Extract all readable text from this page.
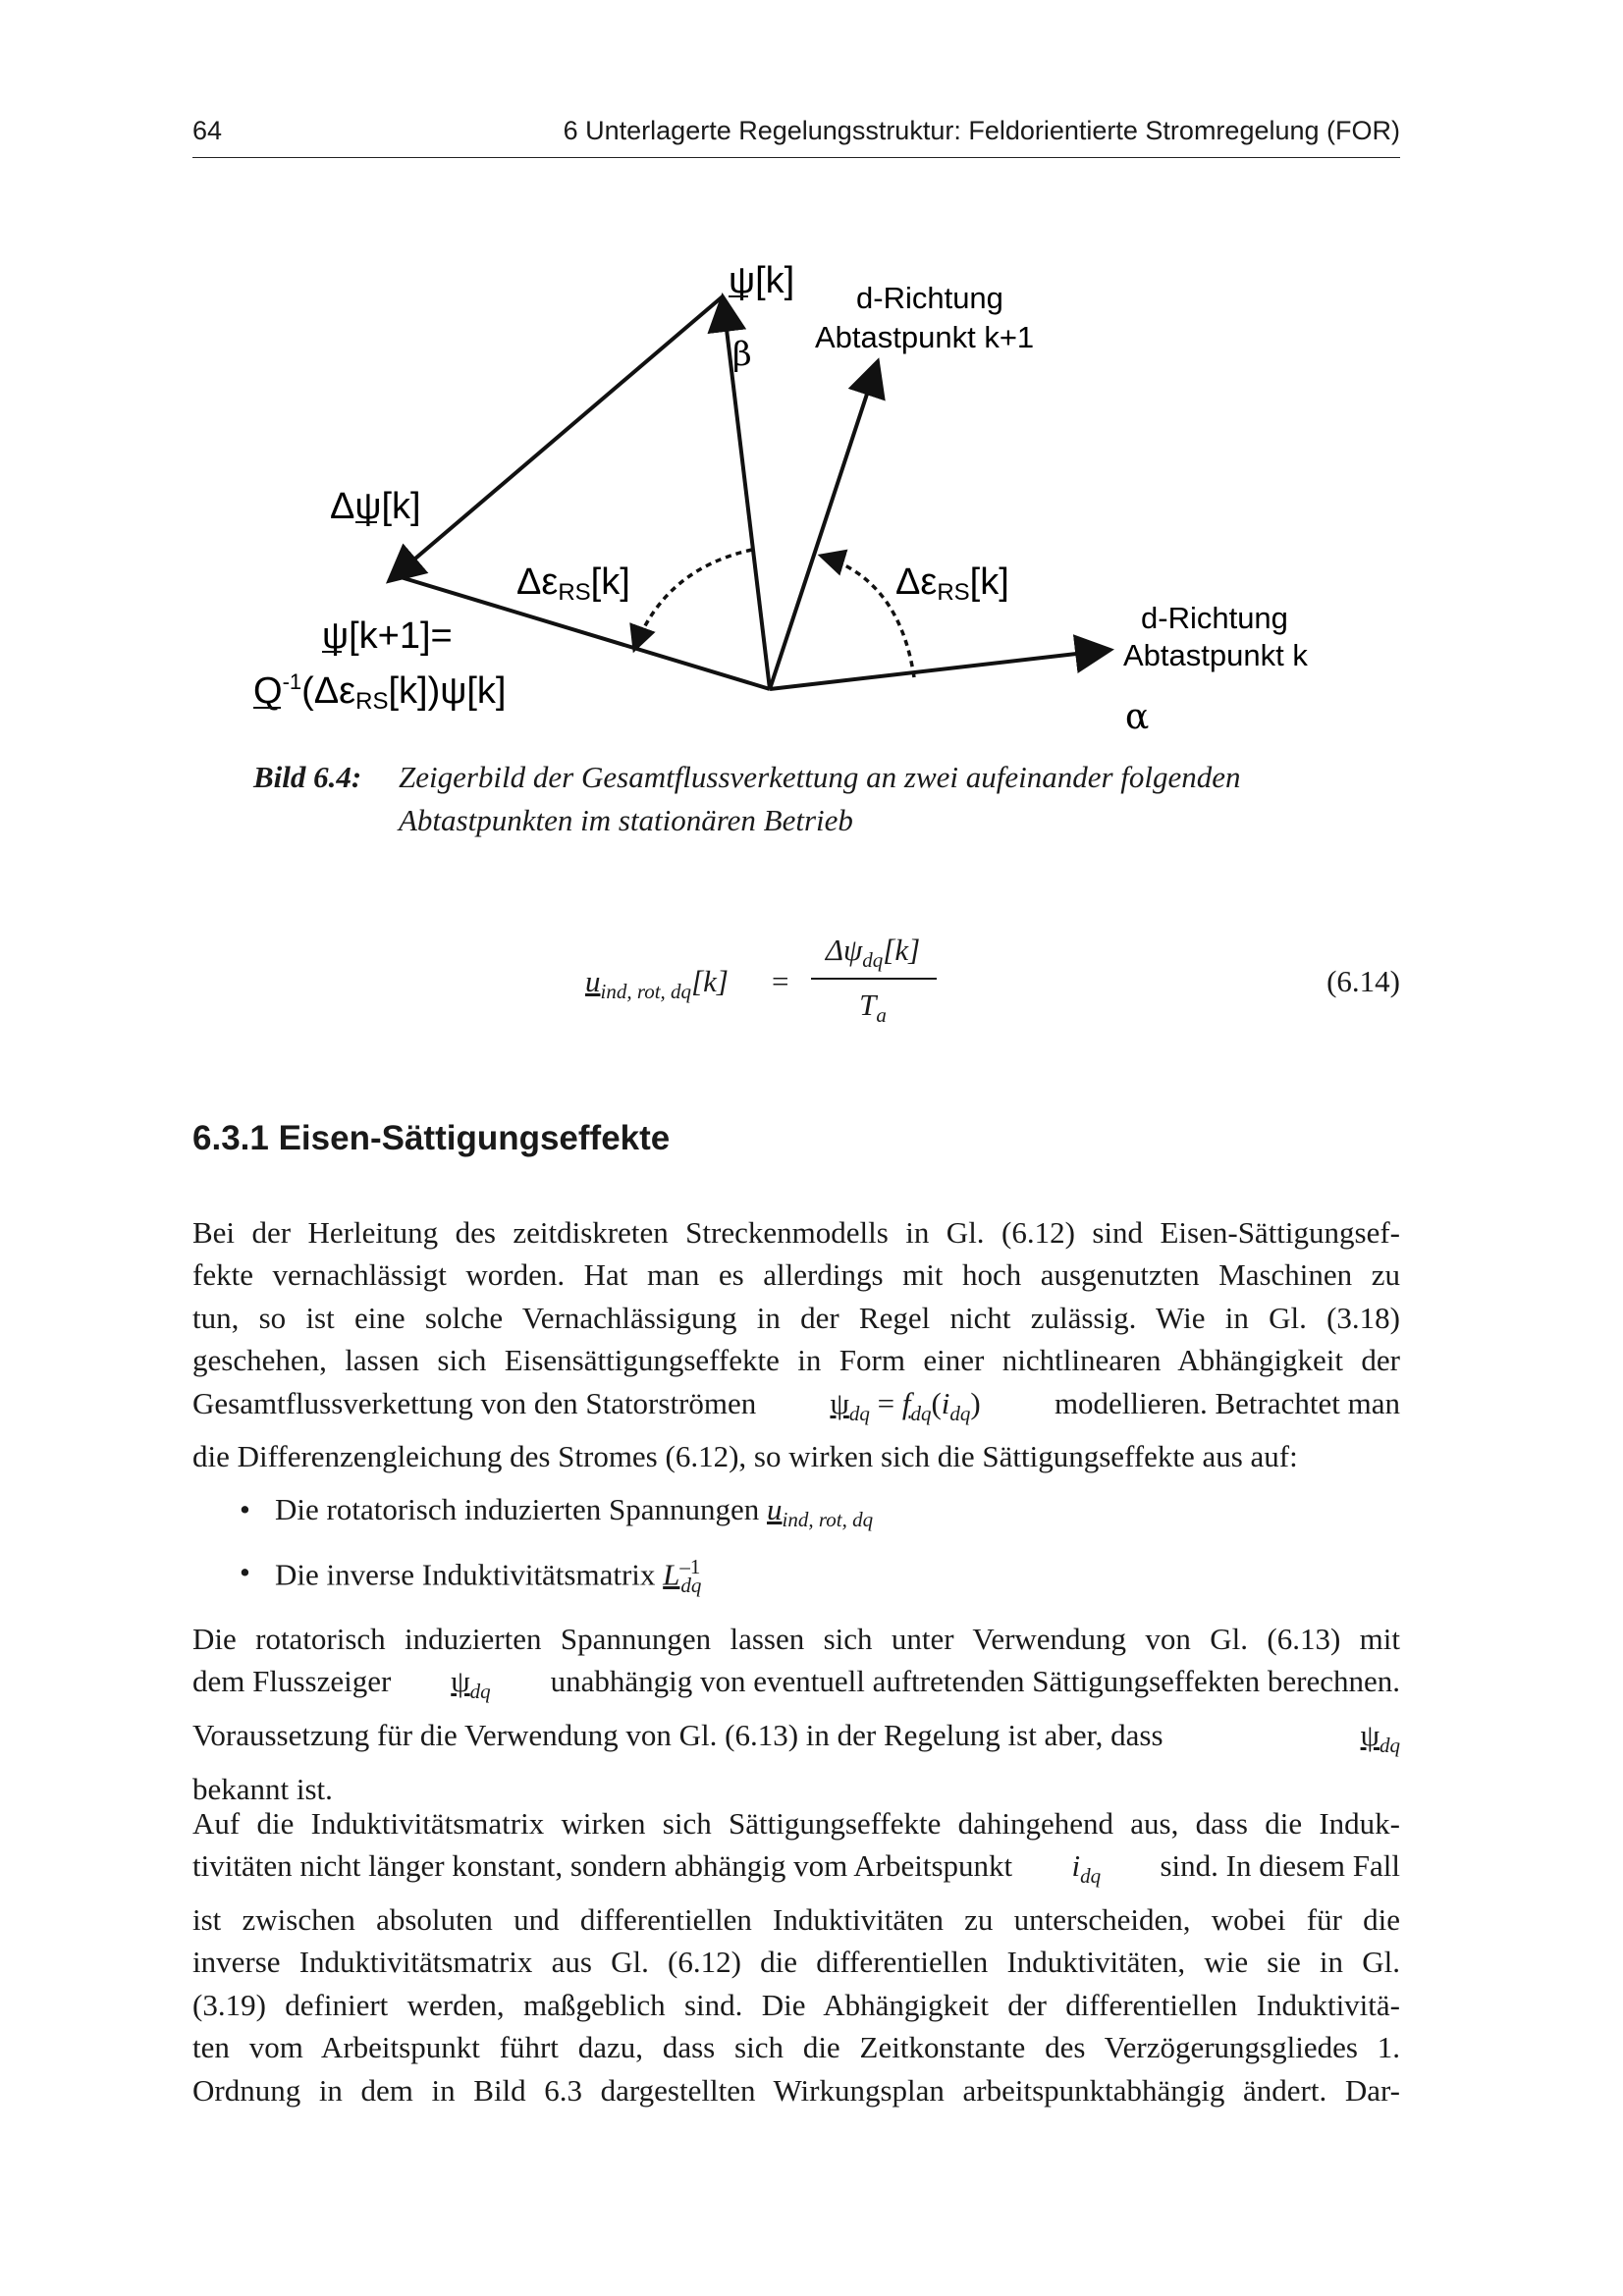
64	6 Unterlagerte Regelungsstruktur: Feldorientierte Stromregelung (FOR)
ψ[k]
β
d-Richtung
Abtastpunkt k+1
Δψ[k]
ΔεRS[k]	ΔεRS[k]
ψ[k+1]=
$Q^{-1}(\Delta\varepsilon RS[k])\psi[k]$
d-Richtung
Abtastpunkt k
α
Bild 6.4: Zeigerbild der Gesamtflussverkettung an zwei aufeinander folgenden
Abtastpunkten im stationären Betrieb
$u_{ind, rot, dq}[k]$ =
$\Delta\psi_{dq}[k]$
$T_a$
(6.14)
6.3.1 Eisen-Sättigungseffekte
Bei der Herleitung des zeitdiskreten Streckenmodells in Gl. (6.12) sind Eisen-Sättigungsef-
fekte vernachlässigt worden. Hat man es allerdings mit hoch ausgenutzten Maschinen zu
tun, so ist eine solche Vernachlässigung in der Regel nicht zulässig. Wie in Gl. (3.18)
geschehen, lassen sich Eisensättigungseffekte in Form einer nichtlinearen Abhängigkeit der
Gesamtflussverkettung von den Statorströmen $\psi_{dq} = f_{dq}(i_{dq})$ modellieren. Betrachtet man
die Differenzengleichung des Stromes (6.12), so wirken sich die Sättigungseffekte aus auf:
• Die rotatorisch induzierten Spannungen $u_{ind, rot, dq}$
• Die inverse Induktivitätsmatrix $L^{-1}_{dq}$
Die rotatorisch induzierten Spannungen lassen sich unter Verwendung von Gl. (6.13) mit
dem Flusszeiger $\psi_{dq}$ unabhängig von eventuell auftretenden Sättigungseffekten berechnen.
Voraussetzung für die Verwendung von Gl. (6.13) in der Regelung ist aber, dass	$\psi_{dq}$
bekannt ist.
Auf die Induktivitätsmatrix wirken sich Sättigungseffekte dahingehend aus, dass die Induk-
tivitäten nicht länger konstant, sondern abhängig vom Arbeitspunkt $i_{dq}$ sind. In diesem Fall
ist zwischen absoluten und differentiellen Induktivitäten zu unterscheiden, wobei für die
inverse Induktivitätsmatrix aus Gl. (6.12) die differentiellen Induktivitäten, wie sie in Gl.
(3.19) definiert werden, maßgeblich sind. Die Abhängigkeit der differentiellen Induktivitä-
ten vom Arbeitspunkt führt dazu, dass sich die Zeitkonstante des Verzögerungsgliedes 1.
Ordnung in dem in Bild 6.3 dargestellten Wirkungsplan arbeitspunktabhängig ändert. Dar-
